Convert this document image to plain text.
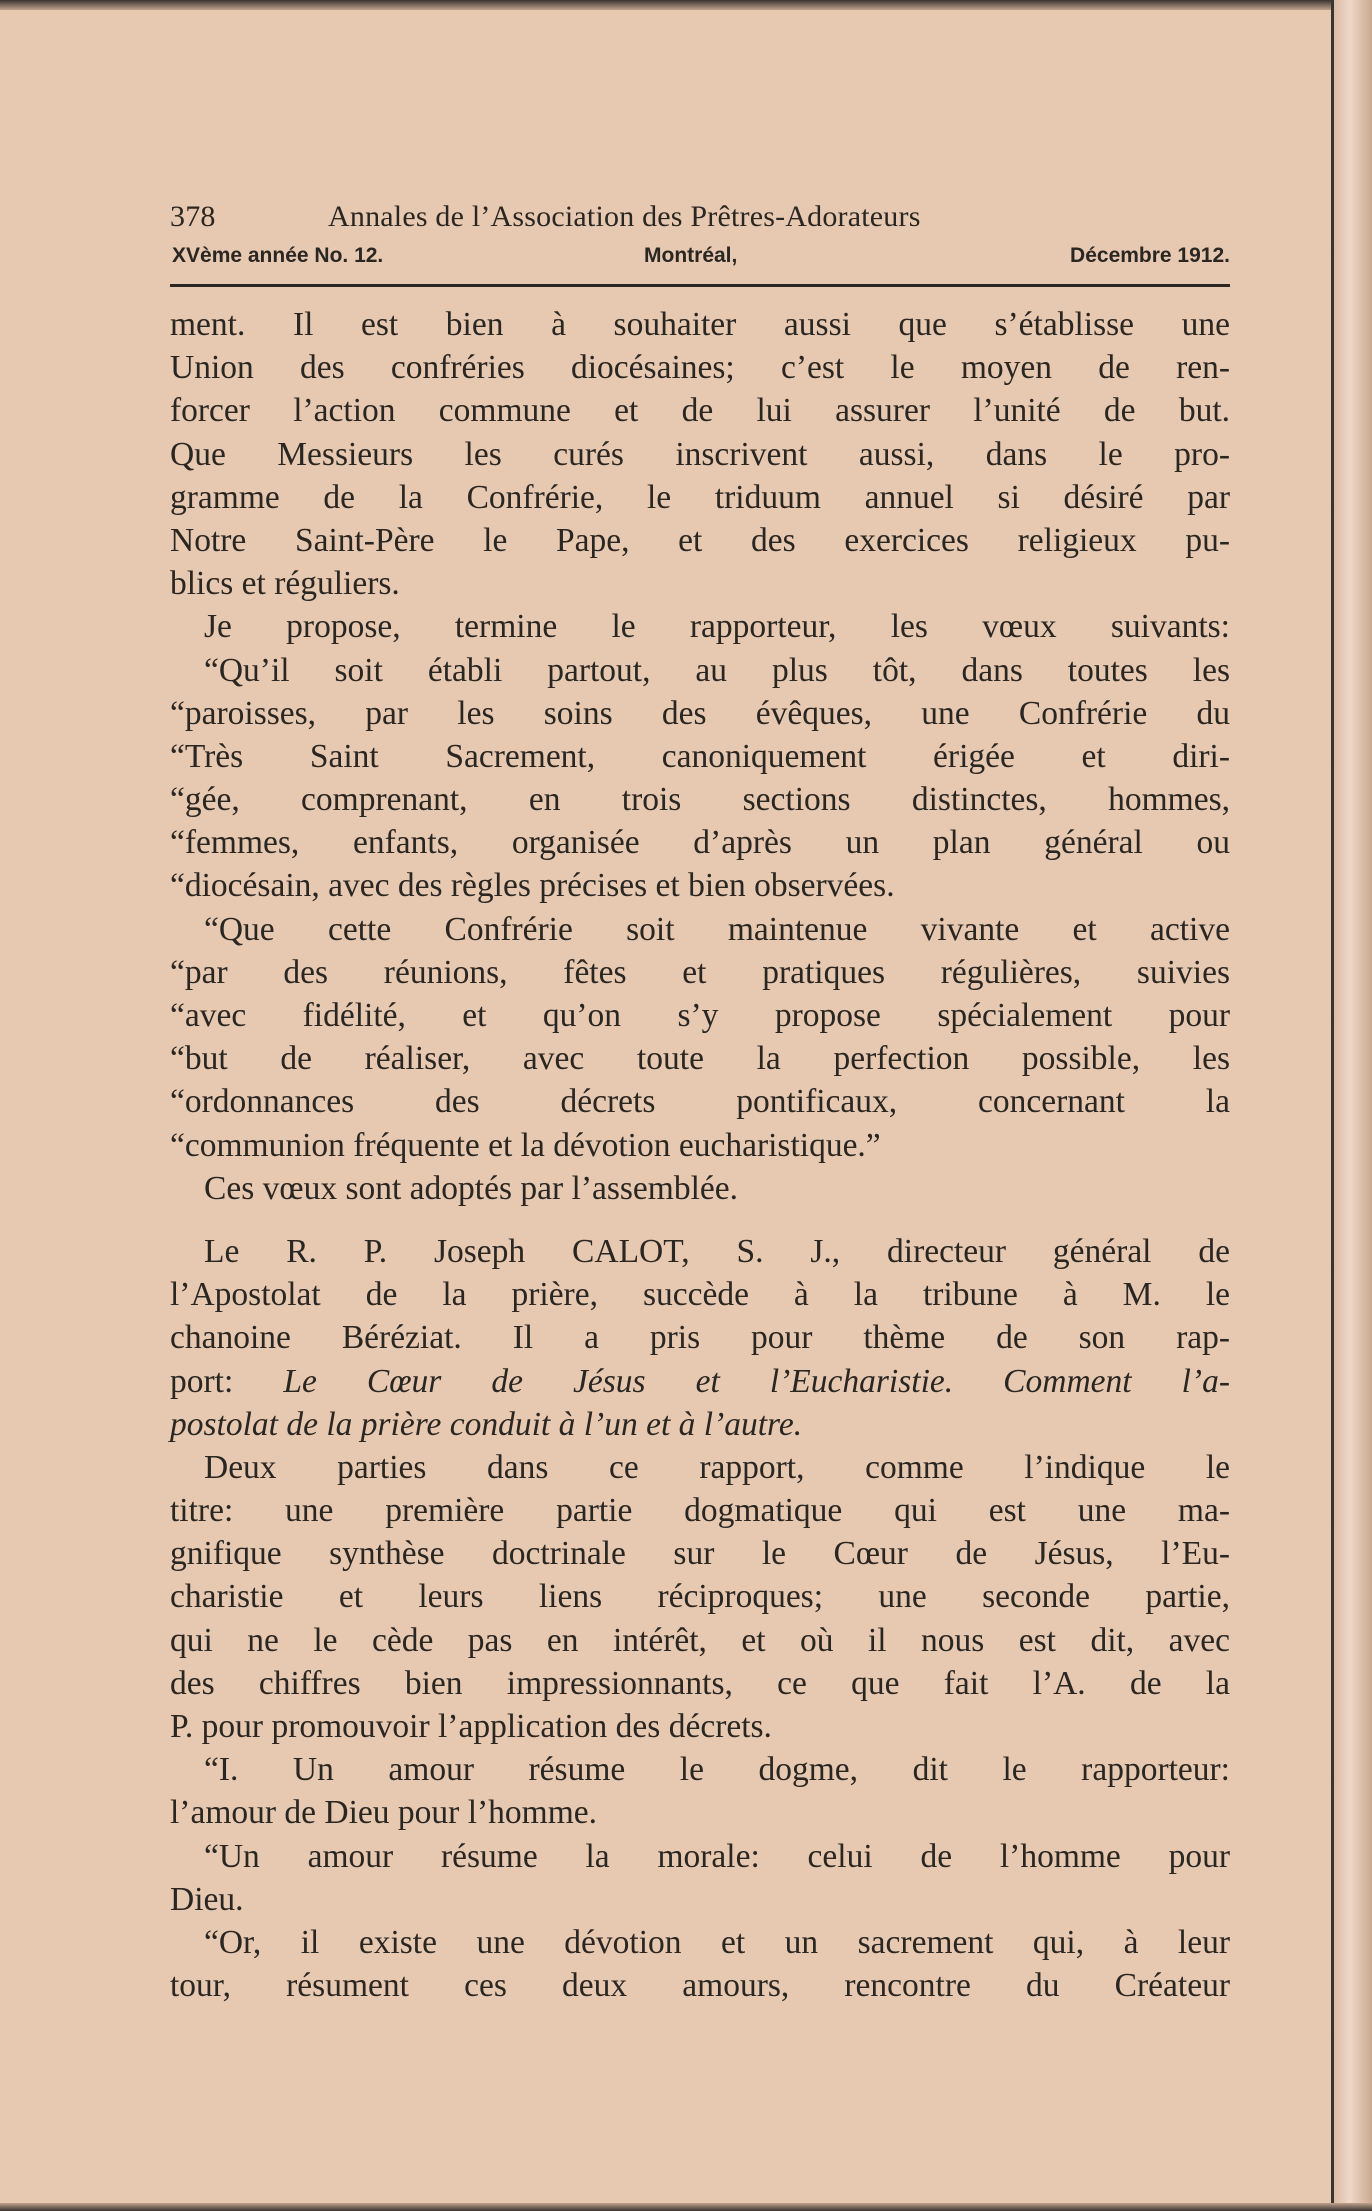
378	Annales de l’Association des Prêtres-Adorateurs
XVème année No. 12.	Montréal,	Décembre 1912.
ment. Il est bien à souhaiter aussi que s’établisse une
Union des confréries diocésaines; c’est le moyen de ren-
forcer l’action commune et de lui assurer l’unité de but.
Que Messieurs les curés inscrivent aussi, dans le pro-
gramme de la Confrérie, le triduum annuel si désiré par
Notre Saint-Père le Pape, et des exercices religieux pu-
blics et réguliers.
Je propose, termine le rapporteur, les vœux suivants:
“Qu’il soit établi partout, au plus tôt, dans toutes les
“paroisses, par les soins des évêques, une Confrérie du
“Très Saint Sacrement, canoniquement érigée et diri-
“gée, comprenant, en trois sections distinctes, hommes,
“femmes, enfants, organisée d’après un plan général ou
“diocésain, avec des règles précises et bien observées.
“Que cette Confrérie soit maintenue vivante et active
“par des réunions, fêtes et pratiques régulières, suivies
“avec fidélité, et qu’on s’y propose spécialement pour
“but de réaliser, avec toute la perfection possible, les
“ordonnances des décrets pontificaux, concernant la
“communion fréquente et la dévotion eucharistique.”
Ces vœux sont adoptés par l’assemblée.
Le R. P. Joseph CALOT, S. J., directeur général de
l’Apostolat de la prière, succède à la tribune à M. le
chanoine Béréziat. Il a pris pour thème de son rap-
port: Le Cœur de Jésus et l’Eucharistie. Comment l’a-
postolat de la prière conduit à l’un et à l’autre.
Deux parties dans ce rapport, comme l’indique le
titre: une première partie dogmatique qui est une ma-
gnifique synthèse doctrinale sur le Cœur de Jésus, l’Eu-
charistie et leurs liens réciproques; une seconde partie,
qui ne le cède pas en intérêt, et où il nous est dit, avec
des chiffres bien impressionnants, ce que fait l’A. de la
P. pour promouvoir l’application des décrets.
“I. Un amour résume le dogme, dit le rapporteur:
l’amour de Dieu pour l’homme.
“Un amour résume la morale: celui de l’homme pour
Dieu.
“Or, il existe une dévotion et un sacrement qui, à leur
tour, résument ces deux amours, rencontre du Créateur
